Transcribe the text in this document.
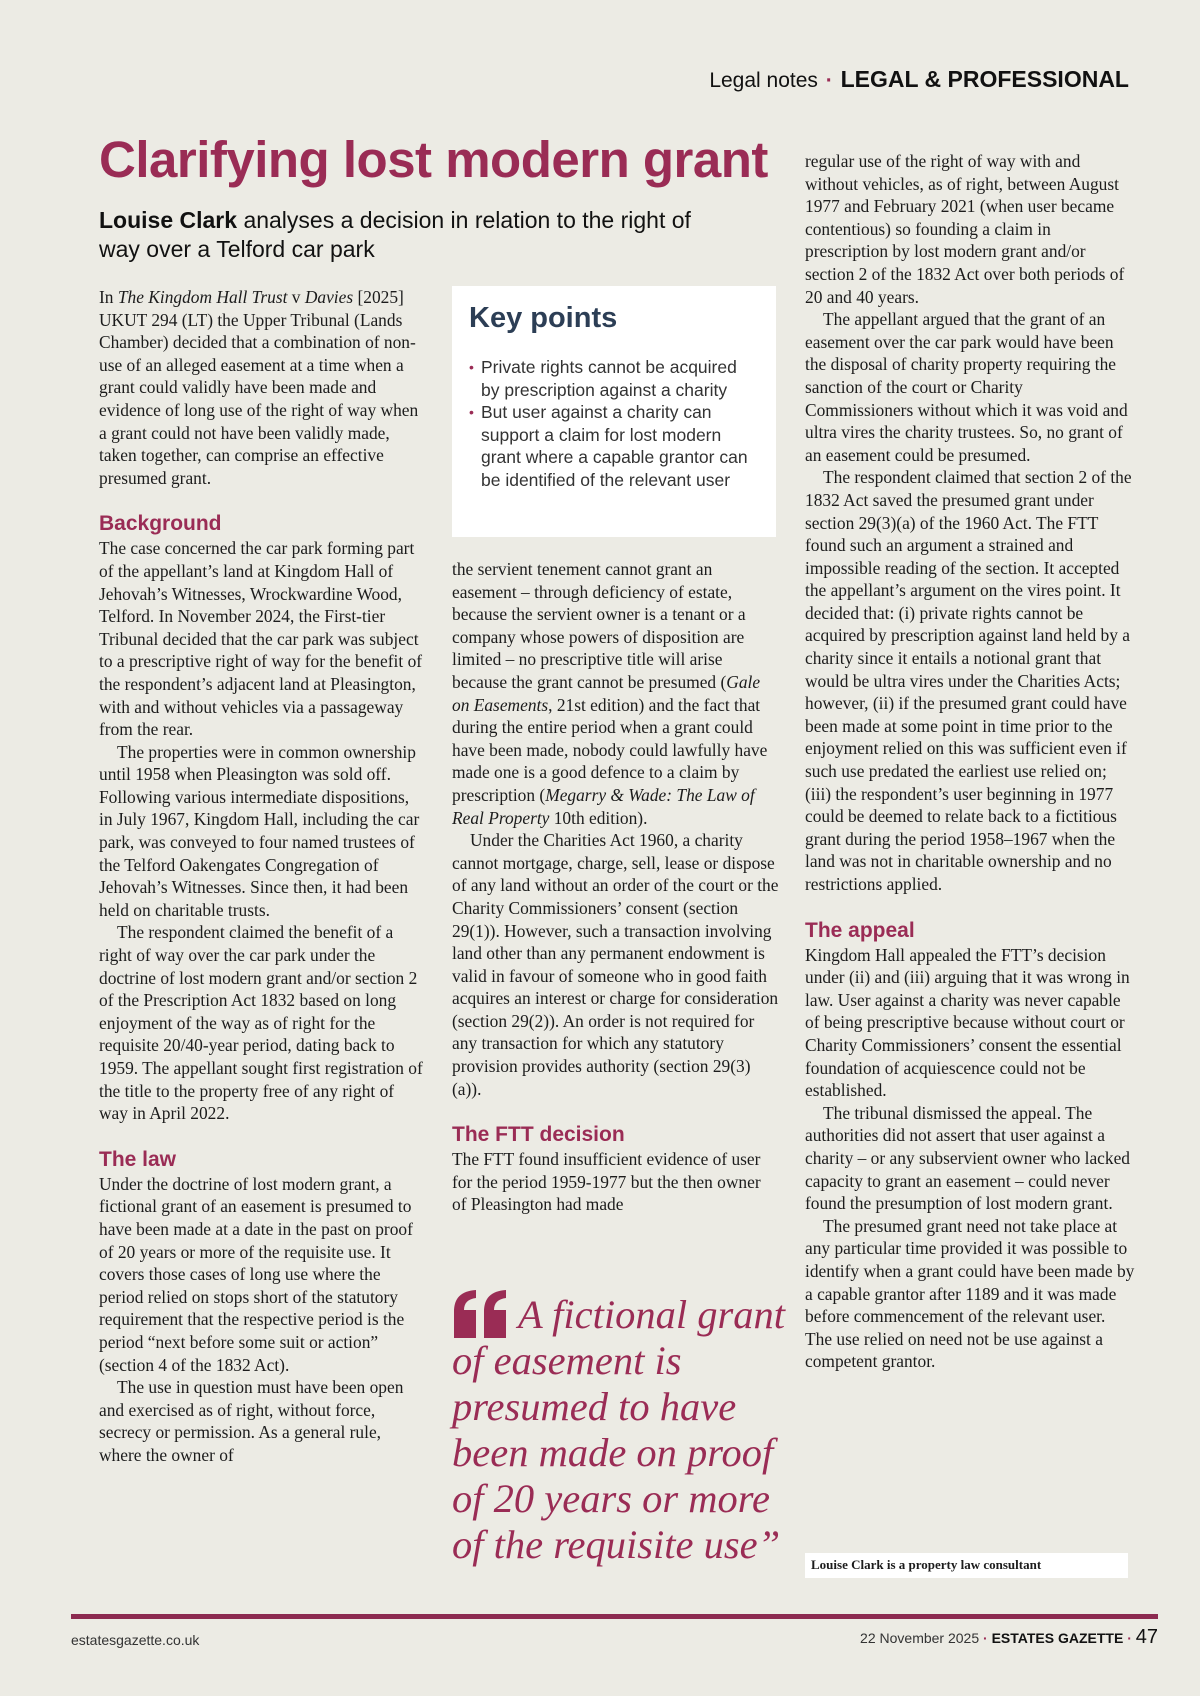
Legal notes · LEGAL & PROFESSIONAL
Clarifying lost modern grant
Louise Clark analyses a decision in relation to the right of way over a Telford car park

In The Kingdom Hall Trust v Davies [2025] UKUT 294 (LT) the Upper Tribunal (Lands Chamber) decided that a combination of non-use of an alleged easement at a time when a grant could validly have been made and evidence of long use of the right of way when a grant could not have been validly made, taken together, can comprise an effective presumed grant.

Background

The case concerned the car park forming part of the appellant’s land at Kingdom Hall of Jehovah’s Witnesses, Wrockwardine Wood, Telford. In November 2024, the First-tier Tribunal decided that the car park was subject to a prescriptive right of way for the benefit of the respondent’s adjacent land at Pleasington, with and without vehicles via a passageway from the rear.

The properties were in common ownership until 1958 when Pleasington was sold off. Following various intermediate dispositions, in July 1967, Kingdom Hall, including the car park, was conveyed to four named trustees of the Telford Oakengates Congregation of Jehovah’s Witnesses. Since then, it had been held on charitable trusts.

The respondent claimed the benefit of a right of way over the car park under the doctrine of lost modern grant and/or section 2 of the Prescription Act 1832 based on long enjoyment of the way as of right for the requisite 20/40-year period, dating back to 1959. The appellant sought first registration of the title to the property free of any right of way in April 2022.

The law

Under the doctrine of lost modern grant, a fictional grant of an easement is presumed to have been made at a date in the past on proof of 20 years or more of the requisite use. It covers those cases of long use where the period relied on stops short of the statutory requirement that the respective period is the period “next before some suit or action” (section 4 of the 1832 Act).

The use in question must have been open and exercised as of right, without force, secrecy or permission. As a general rule, where the owner of

Key points
• Private rights cannot be acquired by prescription against a charity
• But user against a charity can support a claim for lost modern grant where a capable grantor can be identified of the relevant user

the servient tenement cannot grant an easement – through deficiency of estate, because the servient owner is a tenant or a company whose powers of disposition are limited – no prescriptive title will arise because the grant cannot be presumed (Gale on Easements, 21st edition) and the fact that during the entire period when a grant could have been made, nobody could lawfully have made one is a good defence to a claim by prescription (Megarry & Wade: The Law of Real Property 10th edition).

Under the Charities Act 1960, a charity cannot mortgage, charge, sell, lease or dispose of any land without an order of the court or the Charity Commissioners’ consent (section 29(1)). However, such a transaction involving land other than any permanent endowment is valid in favour of someone who in good faith acquires an interest or charge for consideration (section 29(2)). An order is not required for any transaction for which any statutory provision provides authority (section 29(3)(a)).

The FTT decision

The FTT found insufficient evidence of user for the period 1959-1977 but the then owner of Pleasington had made

A fictional grant of easement is presumed to have been made on proof of 20 years or more of the requisite use”

regular use of the right of way with and without vehicles, as of right, between August 1977 and February 2021 (when user became contentious) so founding a claim in prescription by lost modern grant and/or section 2 of the 1832 Act over both periods of 20 and 40 years.

The appellant argued that the grant of an easement over the car park would have been the disposal of charity property requiring the sanction of the court or Charity Commissioners without which it was void and ultra vires the charity trustees. So, no grant of an easement could be presumed.

The respondent claimed that section 2 of the 1832 Act saved the presumed grant under section 29(3)(a) of the 1960 Act. The FTT found such an argument a strained and impossible reading of the section. It accepted the appellant’s argument on the vires point. It decided that: (i) private rights cannot be acquired by prescription against land held by a charity since it entails a notional grant that would be ultra vires under the Charities Acts; however, (ii) if the presumed grant could have been made at some point in time prior to the enjoyment relied on this was sufficient even if such use predated the earliest use relied on; (iii) the respondent’s user beginning in 1977 could be deemed to relate back to a fictitious grant during the period 1958–1967 when the land was not in charitable ownership and no restrictions applied.

The appeal

Kingdom Hall appealed the FTT’s decision under (ii) and (iii) arguing that it was wrong in law. User against a charity was never capable of being prescriptive because without court or Charity Commissioners’ consent the essential foundation of acquiescence could not be established.

The tribunal dismissed the appeal. The authorities did not assert that user against a charity – or any subservient owner who lacked capacity to grant an easement – could never found the presumption of lost modern grant.

The presumed grant need not take place at any particular time provided it was possible to identify when a grant could have been made by a capable grantor after 1189 and it was made before commencement of the relevant user. The use relied on need not be use against a competent grantor.

Louise Clark is a property law consultant
estatesgazette.co.uk	22 November 2025 · ESTATES GAZETTE · 47
